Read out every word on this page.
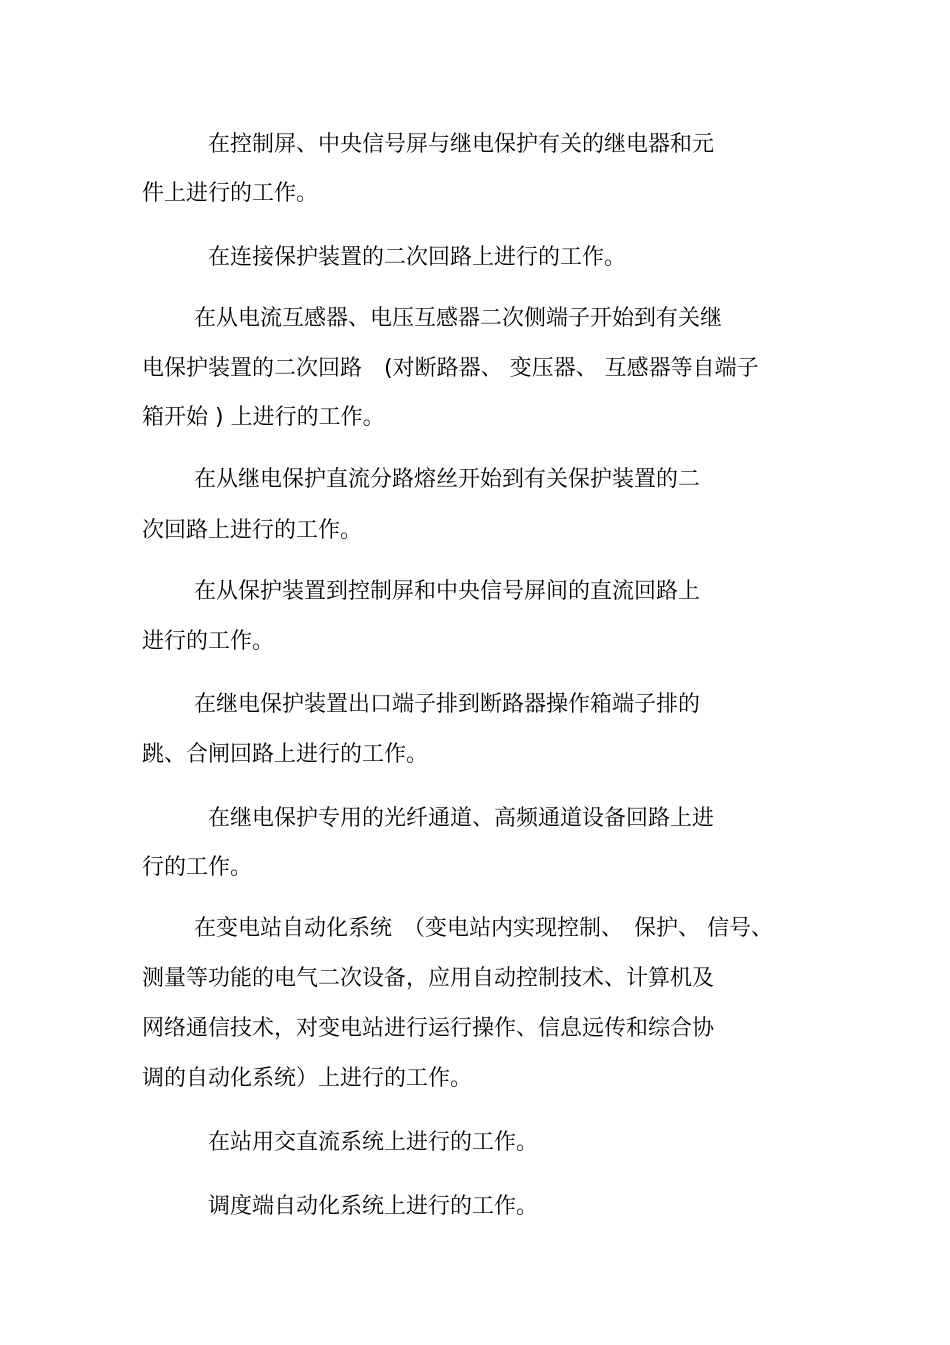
在控制屏、中央信号屏与继电保护有关的继电器和元
件上进行的工作。
在连接保护装置的二次回路上进行的工作。
在从电流互感器、电压互感器二次侧端子开始到有关继
电保护装置的二次回路　(对断路器、 变压器、 互感器等自端子
箱开始 ) 上进行的工作。
在从继电保护直流分路熔丝开始到有关保护装置的二
次回路上进行的工作。
在从保护装置到控制屏和中央信号屏间的直流回路上
进行的工作。
在继电保护装置出口端子排到断路器操作箱端子排的
跳、合闸回路上进行的工作。
在继电保护专用的光纤通道、高频通道设备回路上进
行的工作。
在变电站自动化系统　（变电站内实现控制、　保护、 信号、
测量等功能的电气二次设备，应用自动控制技术、计算机及
网络通信技术，对变电站进行运行操作、信息远传和综合协
调的自动化系统）上进行的工作。
在站用交直流系统上进行的工作。
调度端自动化系统上进行的工作。
